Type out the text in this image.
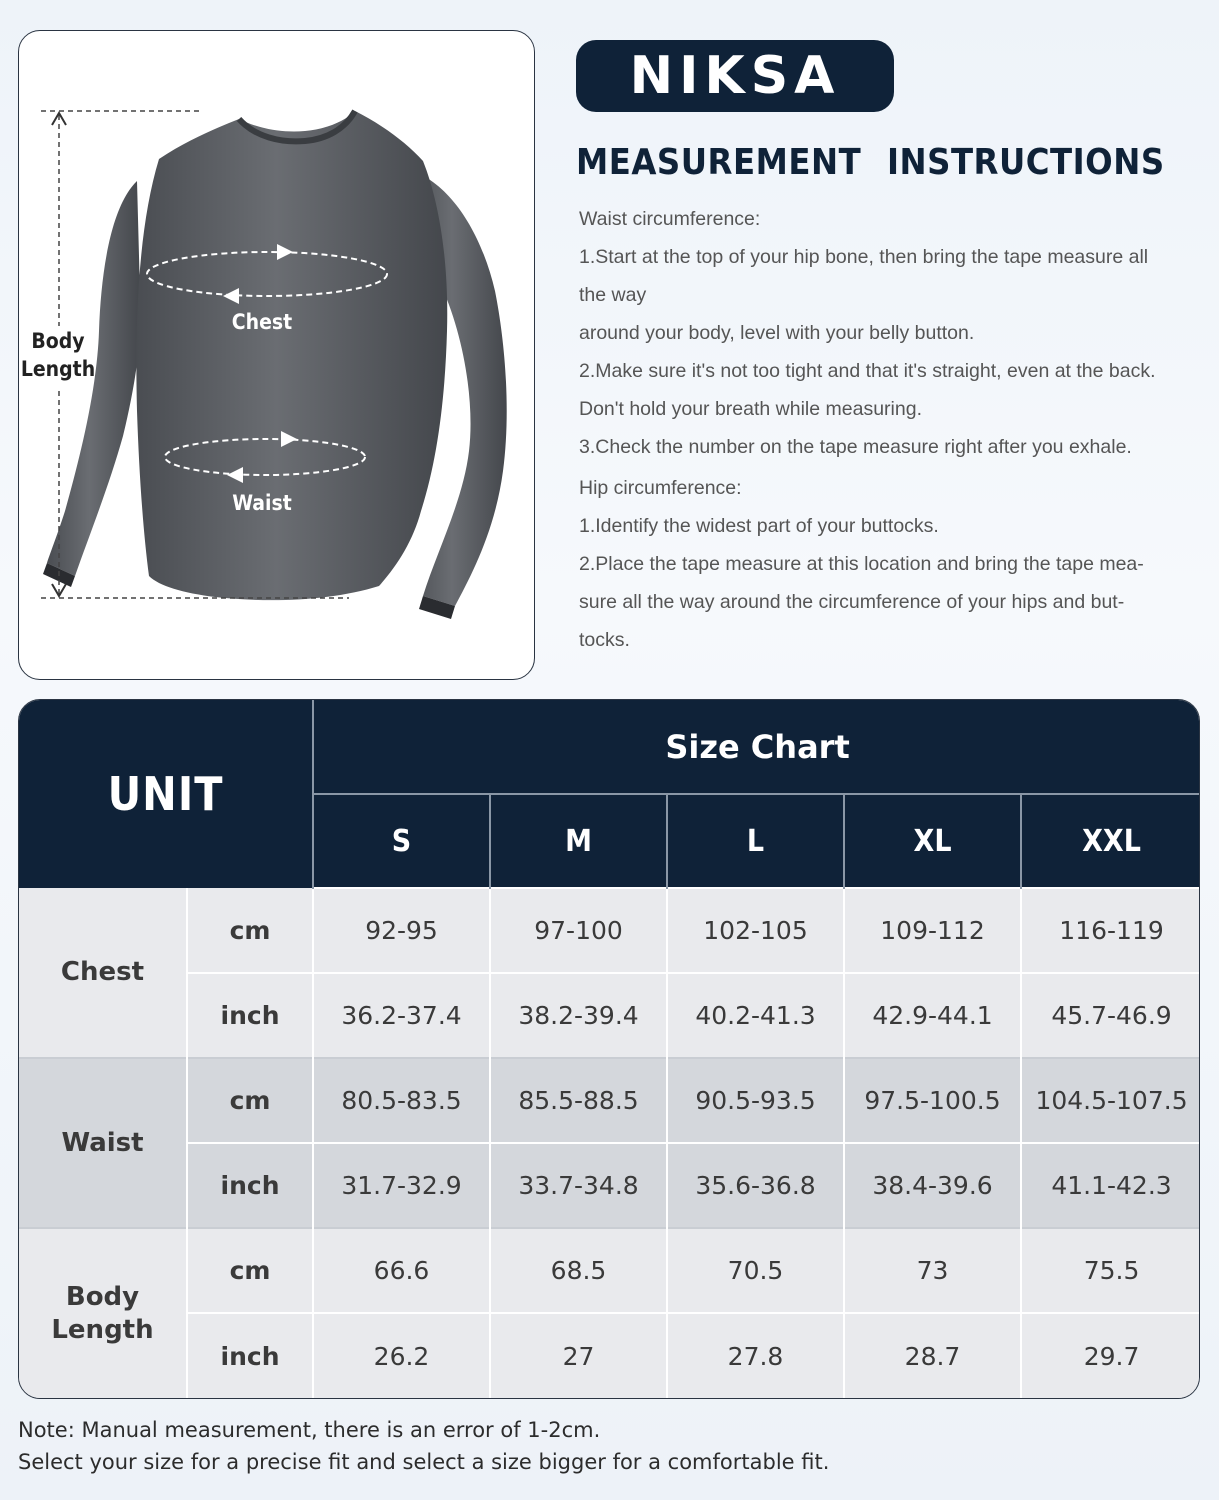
Body
Length
Chest
Waist
NIKSA
MEASUREMENT INSTRUCTIONS

Waist circumference:

1.Start at the top of your hip bone, then bring the tape measure all

the way

around your body, level with your belly button.

2.Make sure it's not too tight and that it's straight, even at the back.

Don't hold your breath while measuring.

3.Check the number on the tape measure right after you exhale.

Hip circumference:

1.Identify the widest part of your buttocks.

2.Place the tape measure at this location and bring the tape mea-

sure all the way around the circumference of your hips and but-

tocks.

UNIT		Size Chart				
		S	M	L	XL	XXL
Chest	cm	92-95	97-100	102-105	109-112	116-119
	inch	36.2-37.4	38.2-39.4	40.2-41.3	42.9-44.1	45.7-46.9
Waist	cm	80.5-83.5	85.5-88.5	90.5-93.5	97.5-100.5	104.5-107.5
	inch	31.7-32.9	33.7-34.8	35.6-36.8	38.4-39.6	41.1-42.3

Body
Length	cm	66.6	68.5	70.5	73	75.5
	inch	26.2	27	27.8	28.7	29.7

Note: Manual measurement, there is an error of 1-2cm.

Select your size for a precise fit and select a size bigger for a comfortable fit.
